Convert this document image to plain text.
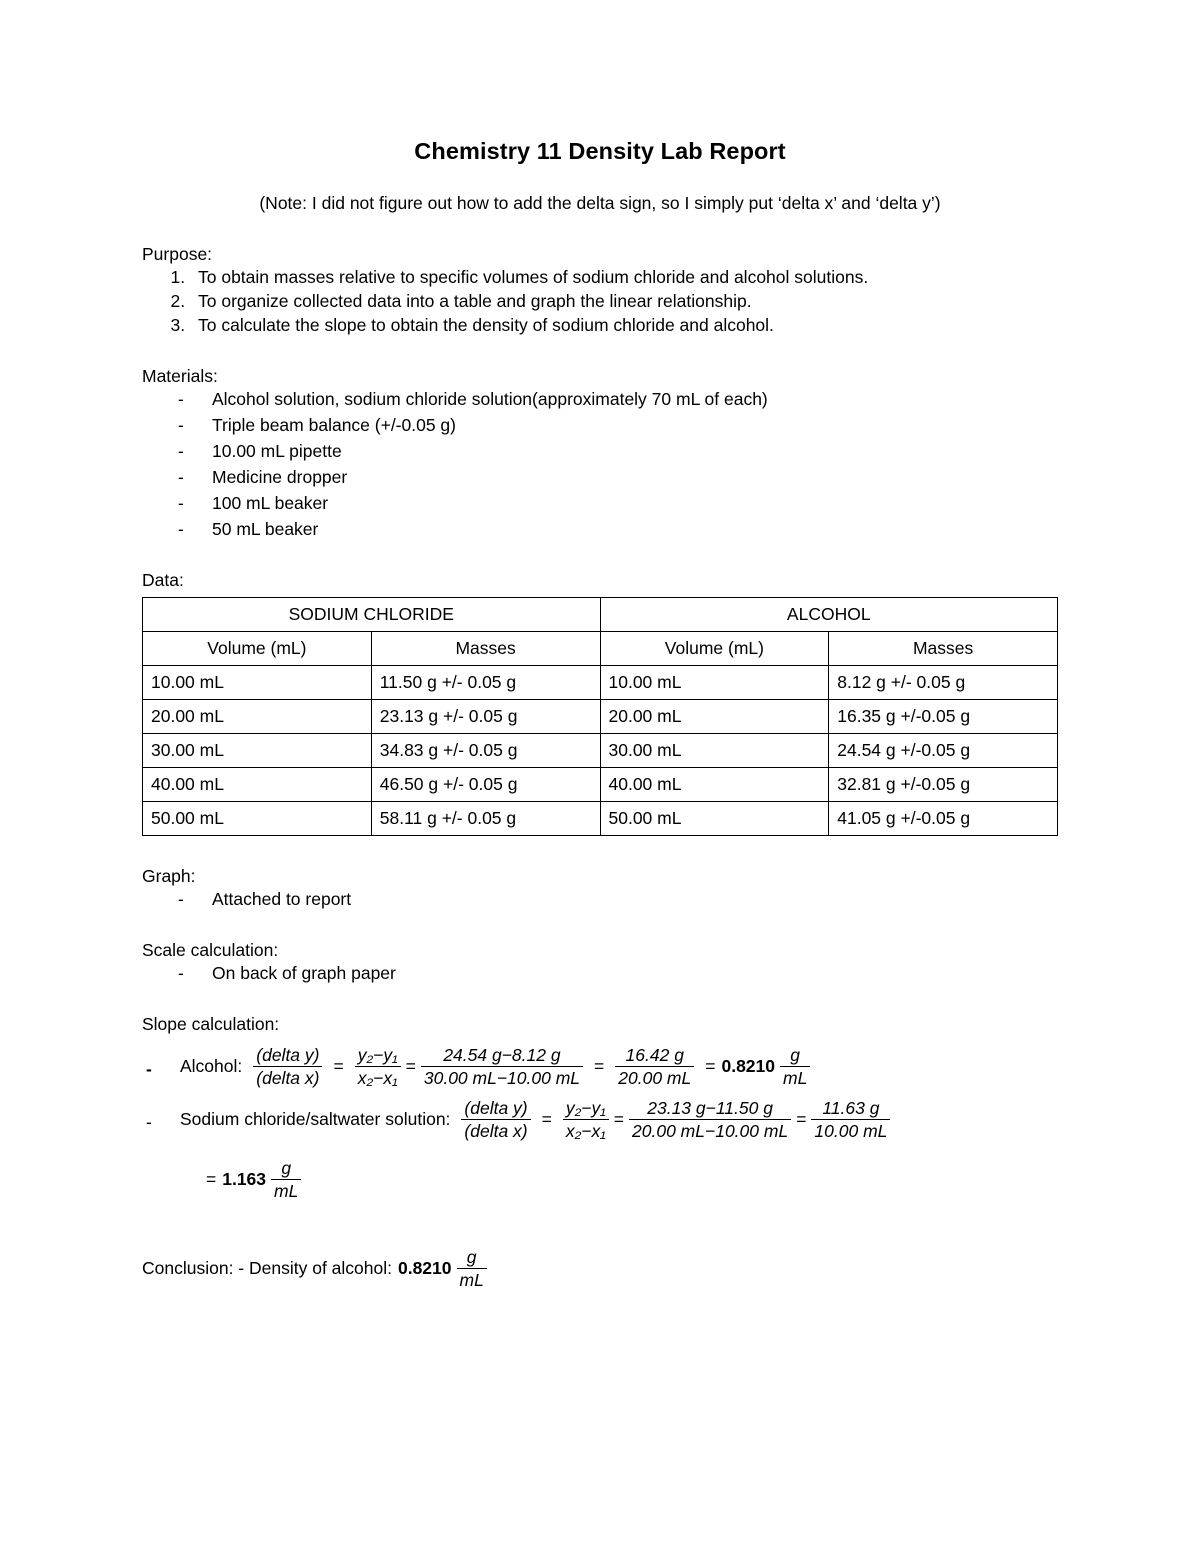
Chemistry 11 Density Lab Report
(Note: I did not figure out how to add the delta sign, so I simply put ‘delta x’ and ‘delta y’)
Purpose:
1. To obtain masses relative to specific volumes of sodium chloride and alcohol solutions.
2. To organize collected data into a table and graph the linear relationship.
3. To calculate the slope to obtain the density of sodium chloride and alcohol.
Materials:
- Alcohol solution, sodium chloride solution(approximately 70 mL of each)
- Triple beam balance (+/-0.05 g)
- 10.00 mL pipette
- Medicine dropper
- 100 mL beaker
- 50 mL beaker
Data:
SODIUM CHLORIDE		ALCOHOL	
Volume (mL)	Masses	Volume (mL)	Masses
10.00 mL	11.50 g +/- 0.05 g	10.00 mL	8.12 g +/- 0.05 g
20.00 mL	23.13 g +/- 0.05 g	20.00 mL	16.35 g +/-0.05 g
30.00 mL	34.83 g +/- 0.05 g	30.00 mL	24.54 g +/-0.05 g
40.00 mL	46.50 g +/- 0.05 g	40.00 mL	32.81 g +/-0.05 g
50.00 mL	58.11 g +/- 0.05 g	50.00 mL	41.05 g +/-0.05 g
Graph:
- Attached to report
Scale calculation:
- On back of graph paper
Slope calculation:
- Alcohol: $\frac{\text{(delta y)}}{\text{(delta x)}} = \frac{\text{y₂−y₁}}{\text{x₂−x₁}} = \frac{24.54 g-8.12 g}{30.00 mL-10.00 mL} = \frac{16.42 g}{20.00 mL} = 0.8210 \frac{g}{mL}$
- Sodium chloride/saltwater solution: $\frac{\text{(delta y)}}{\text{(delta x)}} = \frac{\text{y₂−y₁}}{\text{x₂−x₁}} = \frac{23.13 g-11.50 g}{20.00 mL-10.00 mL} = \frac{11.63 g}{10.00 mL}$
= $1.163 \frac{g}{mL}$
Conclusion: - Density of alcohol: $0.8210 \frac{g}{mL}$
